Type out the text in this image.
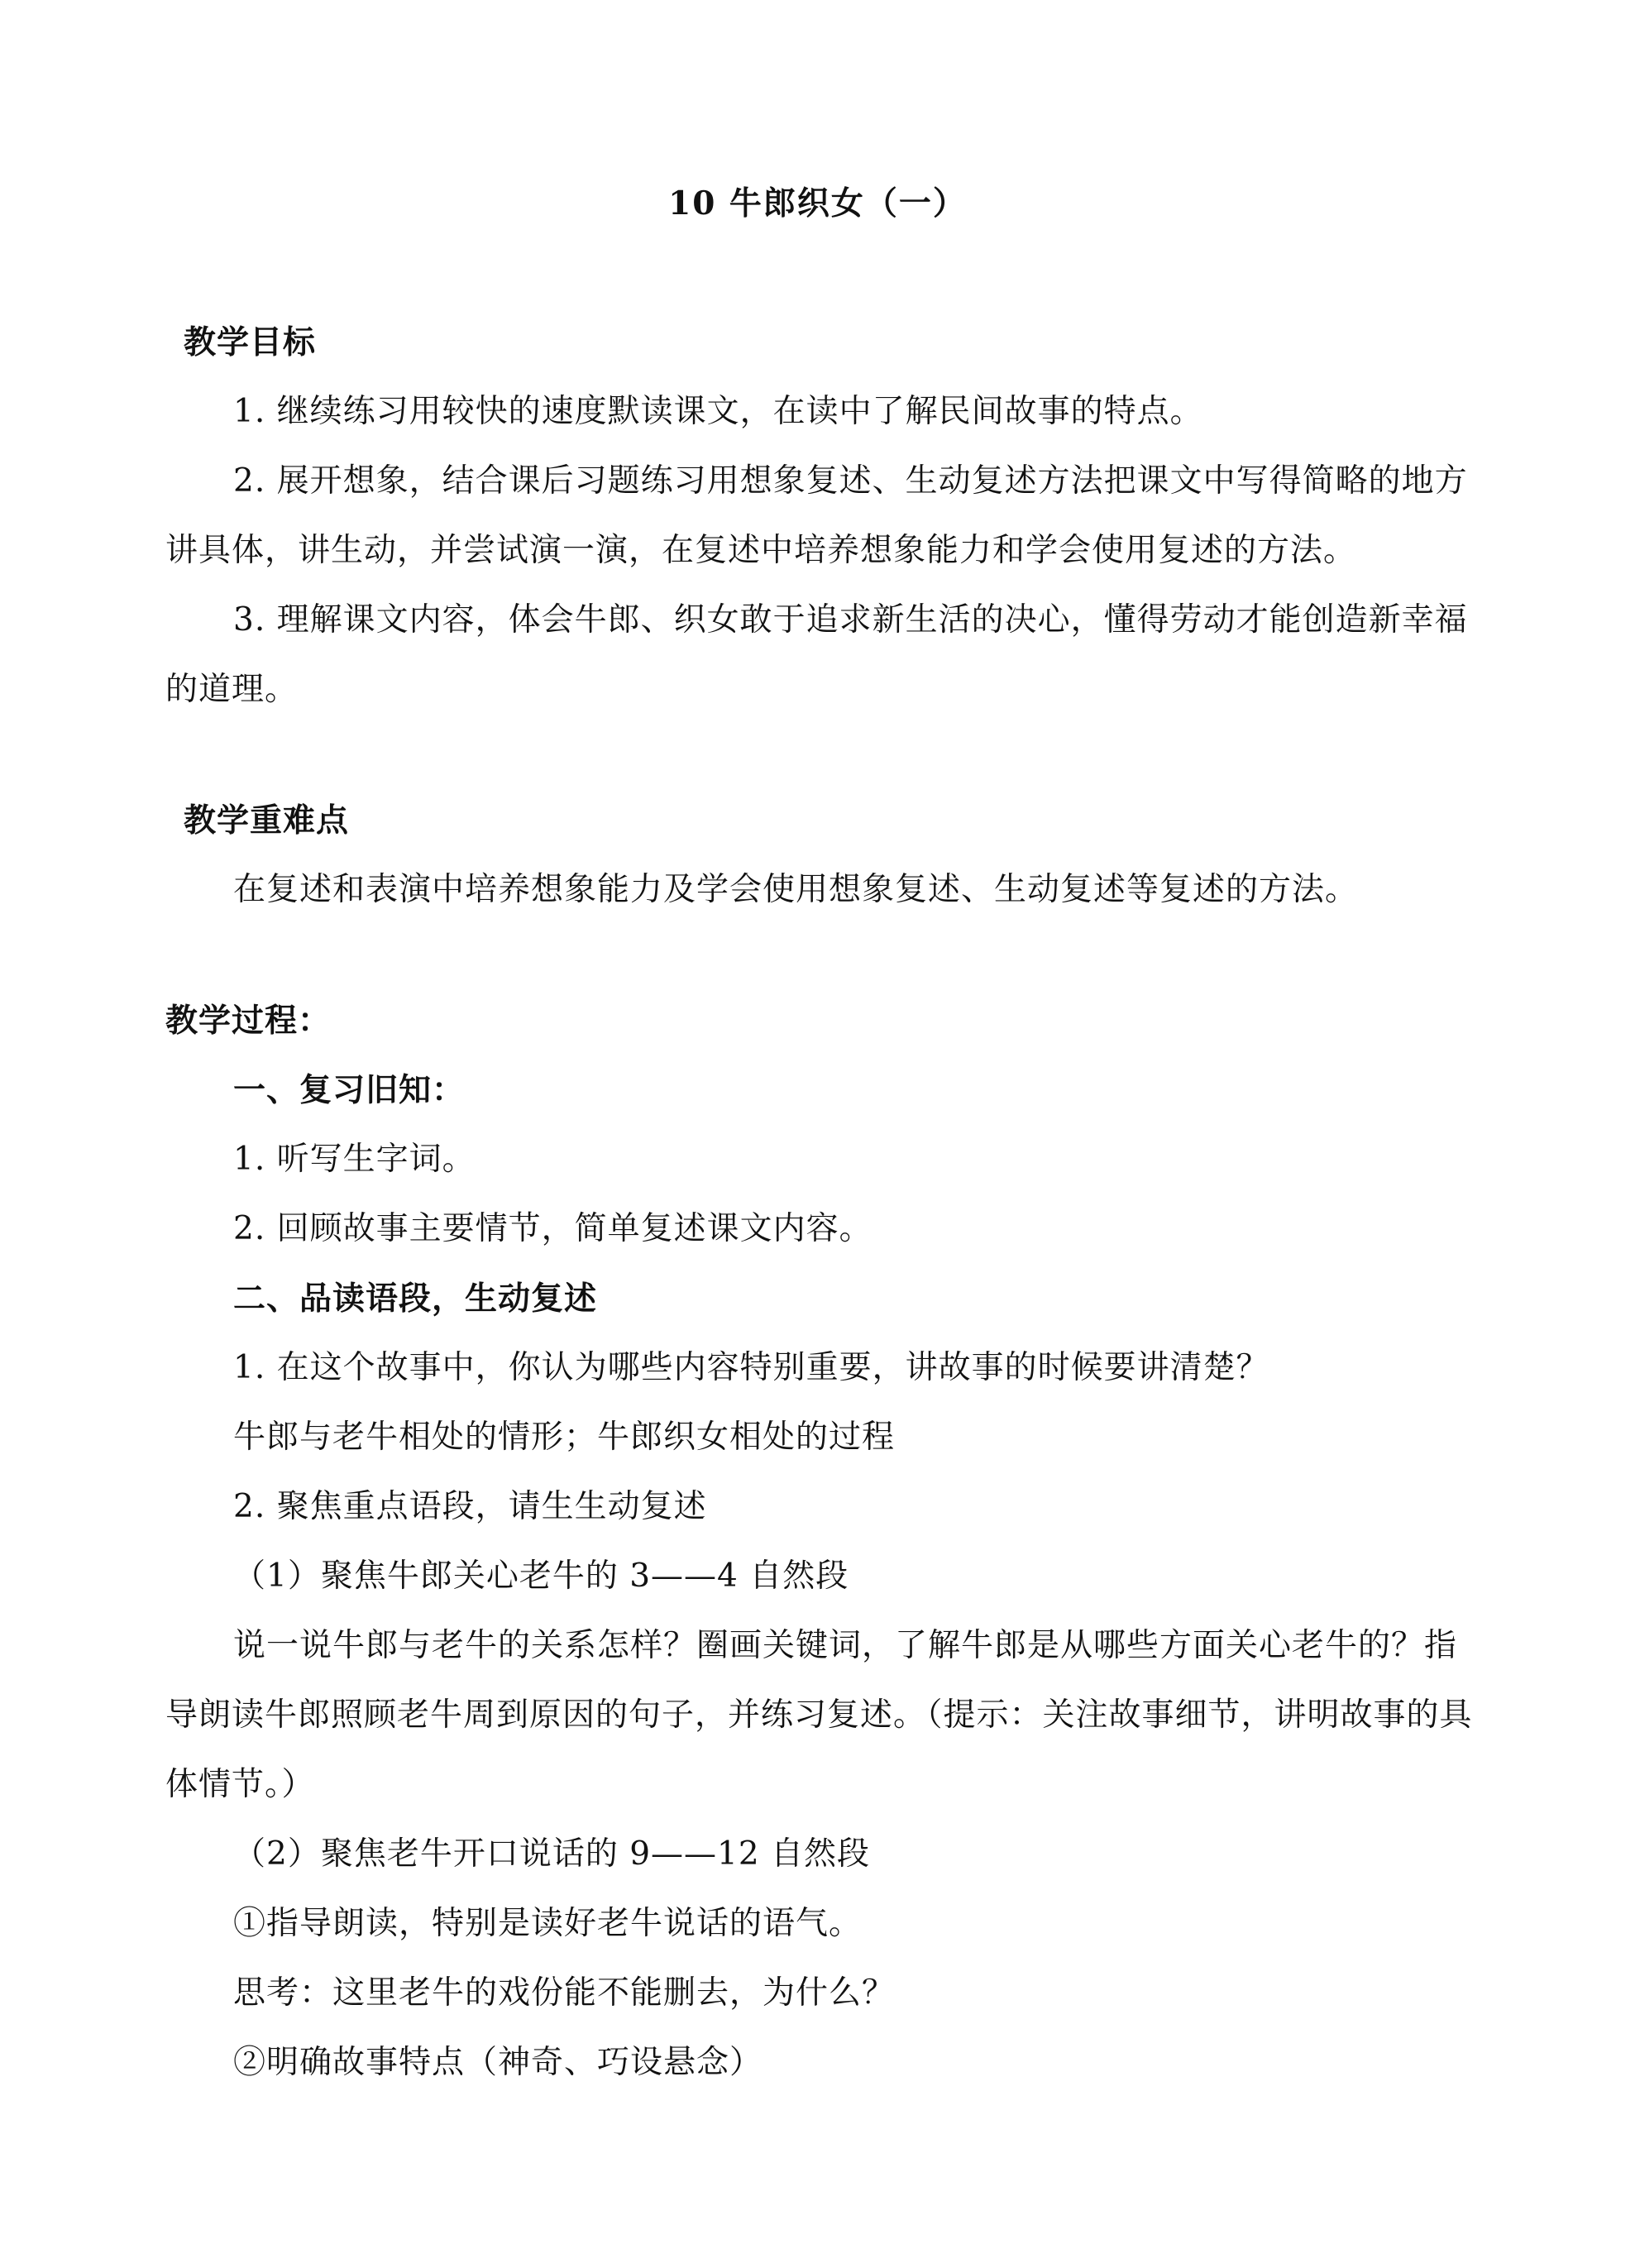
10 牛郎织女（一）

教学目标

1. 继续练习用较快的速度默读课文，在读中了解民间故事的特点。

2. 展开想象，结合课后习题练习用想象复述、生动复述方法把课文中写得简略的地方讲具体，讲生动，并尝试演一演，在复述中培养想象能力和学会使用复述的方法。

3. 理解课文内容，体会牛郎、织女敢于追求新生活的决心，懂得劳动才能创造新幸福的道理。

教学重难点

在复述和表演中培养想象能力及学会使用想象复述、生动复述等复述的方法。

教学过程：

一、复习旧知：

1. 听写生字词。

2. 回顾故事主要情节，简单复述课文内容。

二、品读语段，生动复述

1. 在这个故事中，你认为哪些内容特别重要，讲故事的时候要讲清楚？

牛郎与老牛相处的情形；牛郎织女相处的过程

2. 聚焦重点语段，请生生动复述

（1）聚焦牛郎关心老牛的 3——4 自然段

说一说牛郎与老牛的关系怎样？圈画关键词，了解牛郎是从哪些方面关心老牛的？指导朗读牛郎照顾老牛周到原因的句子，并练习复述。（提示：关注故事细节，讲明故事的具体情节。）

（2）聚焦老牛开口说话的 9——12 自然段

①指导朗读，特别是读好老牛说话的语气。

思考：这里老牛的戏份能不能删去，为什么？

②明确故事特点（神奇、巧设悬念）
